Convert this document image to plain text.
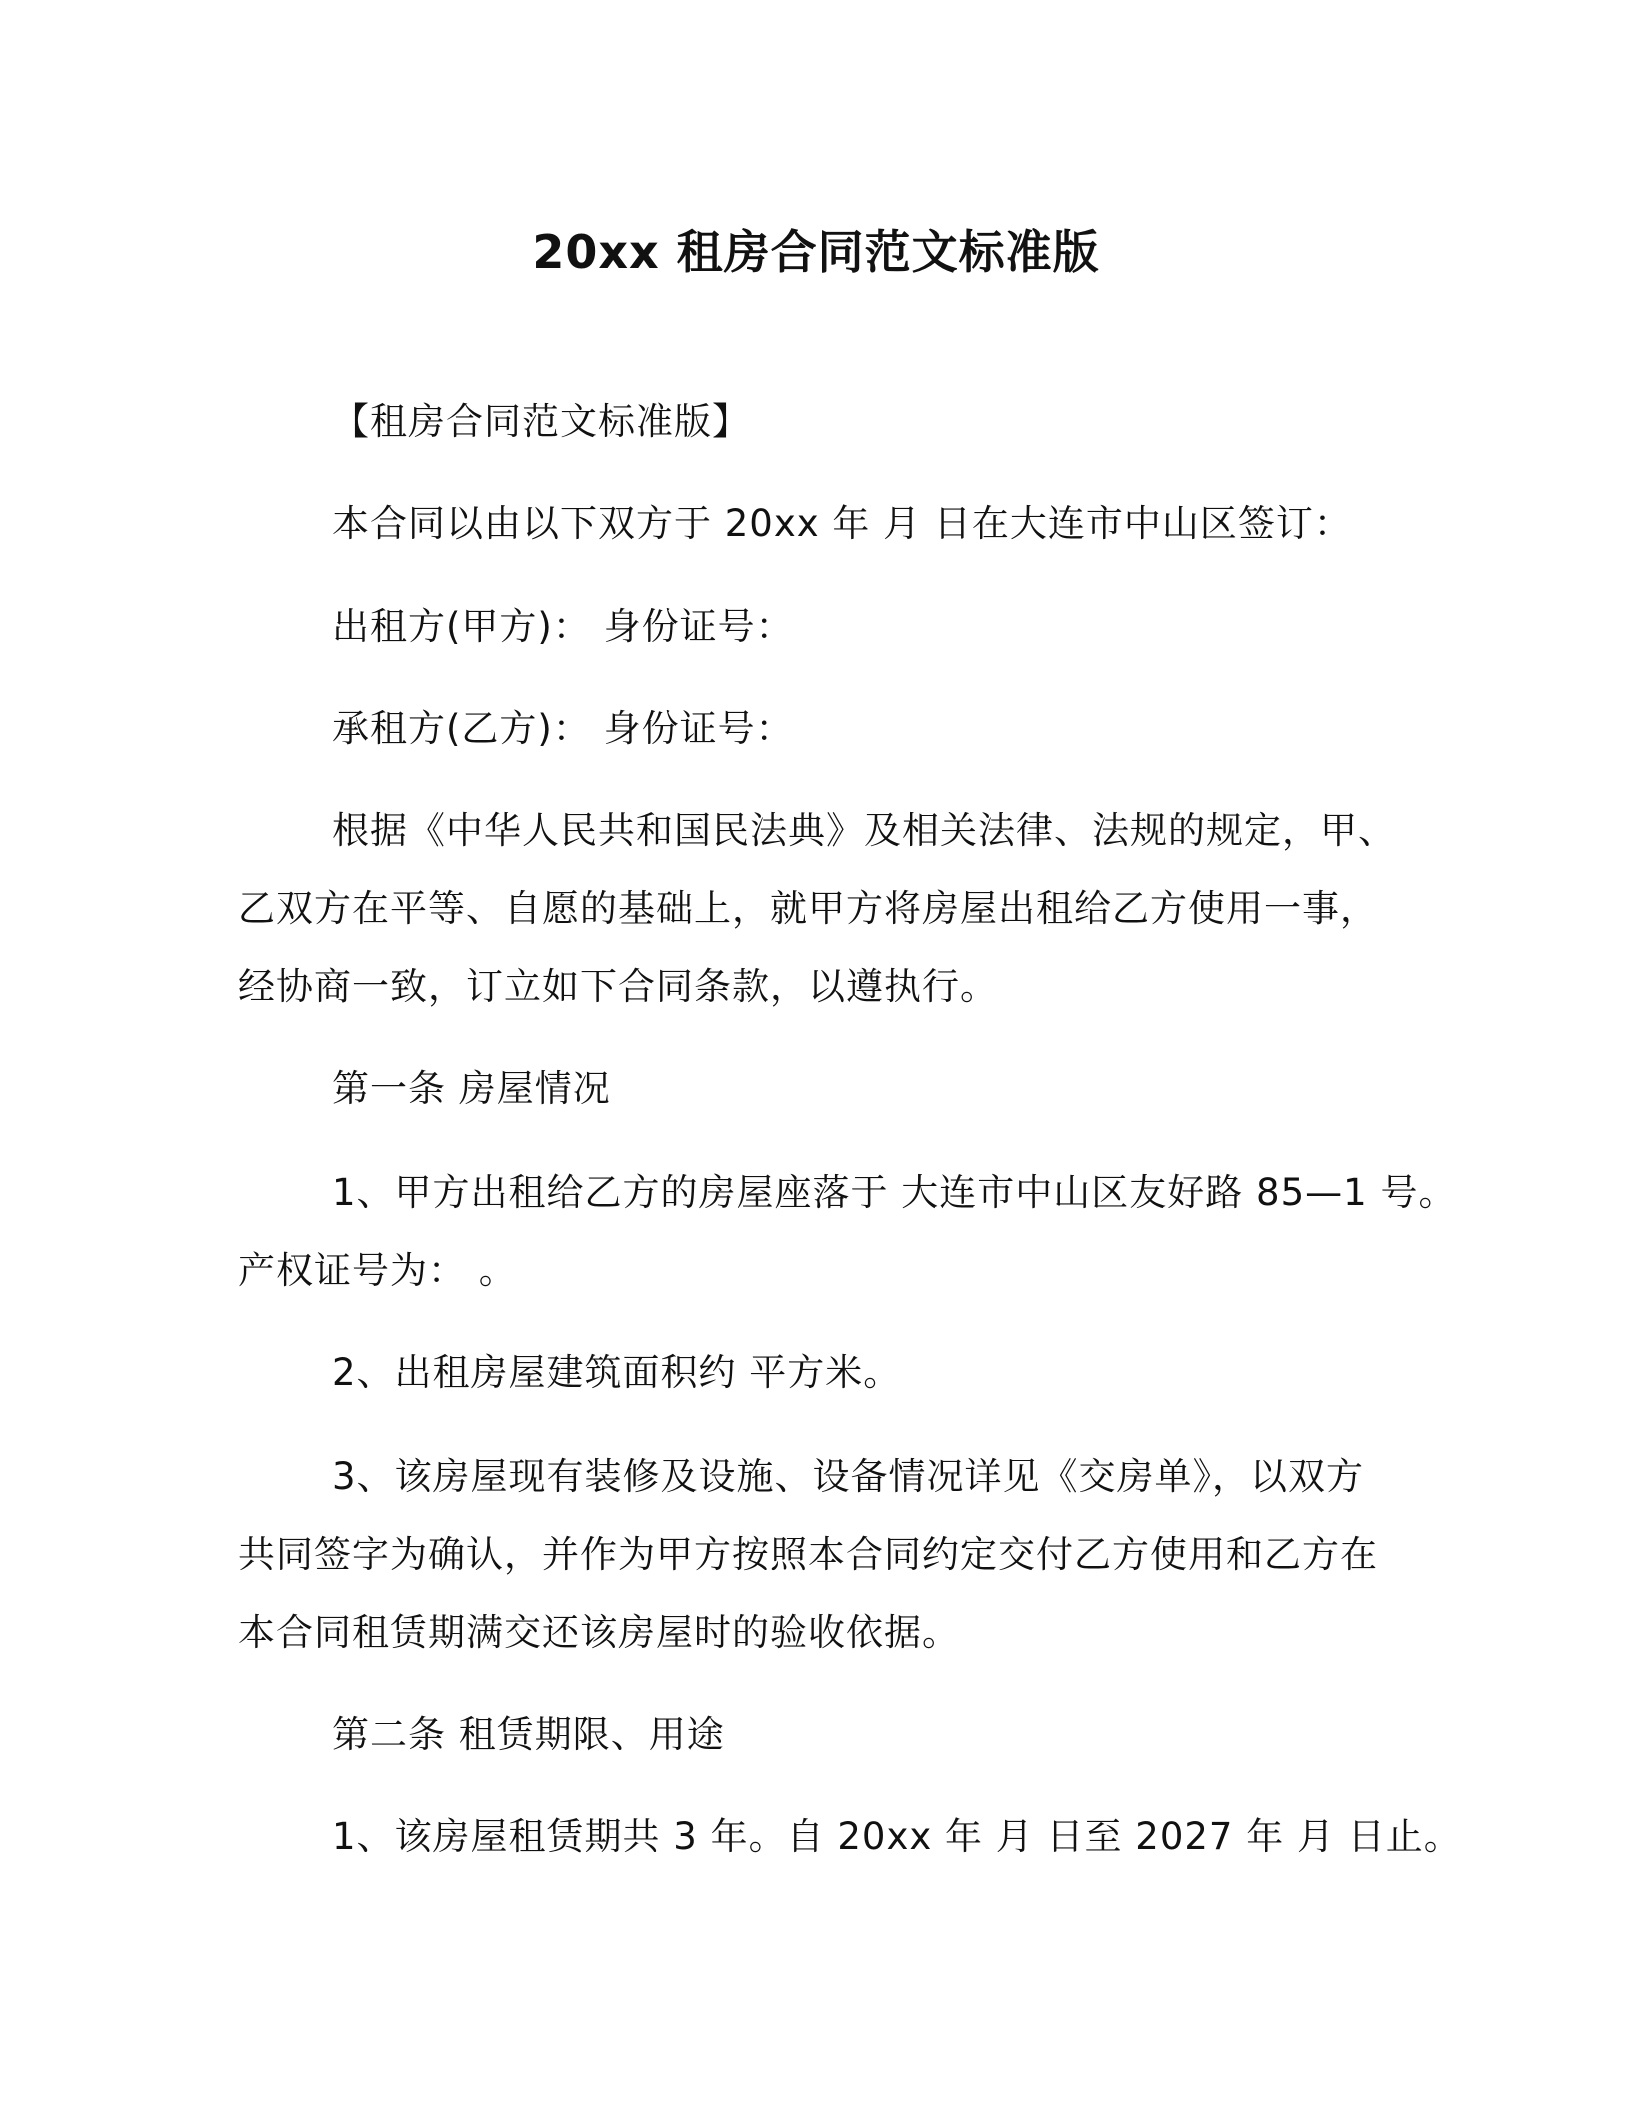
20xx 租房合同范文标准版
【租房合同范文标准版】
本合同以由以下双方于 20xx 年 月 日在大连市中山区签订：
出租方(甲方)： 身份证号：
承租方(乙方)： 身份证号：
根据《中华人民共和国民法典》及相关法律、法规的规定，甲、
乙双方在平等、自愿的基础上，就甲方将房屋出租给乙方使用一事，
经协商一致，订立如下合同条款，以遵执行。
第一条 房屋情况
1、甲方出租给乙方的房屋座落于 大连市中山区友好路 85—1 号。
产权证号为： 。
2、出租房屋建筑面积约 平方米。
3、该房屋现有装修及设施、设备情况详见《交房单》，以双方
共同签字为确认，并作为甲方按照本合同约定交付乙方使用和乙方在
本合同租赁期满交还该房屋时的验收依据。
第二条 租赁期限、用途
1、该房屋租赁期共 3 年。自 20xx 年 月 日至 2027 年 月 日止。
